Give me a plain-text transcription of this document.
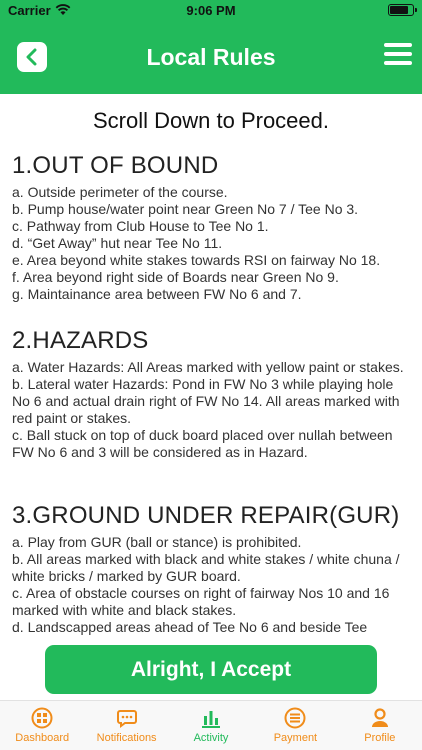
Carrier	9:06 PM
Local Rules
Scroll Down to Proceed.
1.OUT OF BOUND

a. Outside perimeter of the course.

b. Pump house/water point near Green No 7 / Tee No 3.

c. Pathway from Club House to Tee No 1.

d. “Get Away” hut near Tee No 11.

e. Area beyond white stakes towards RSI on fairway No 18.

f. Area beyond right side of Boards near Green No 9.

g. Maintainance area between FW No 6 and 7.

2.HAZARDS

a. Water Hazards: All Areas marked with yellow paint or stakes.

b. Lateral water Hazards: Pond in FW No 3 while playing hole No 6 and actual drain right of FW No 14. All areas marked with red paint or stakes.

c. Ball stuck on top of duck board placed over nullah between FW No 6 and 3 will be considered as in Hazard.

3.GROUND UNDER REPAIR(GUR)

a. Play from GUR (ball or stance) is prohibited.

b. All areas marked with black and white stakes / white chuna / white bricks / marked by GUR board.

c. Area of obstacle courses on right of fairway Nos 10 and 16 marked with white and black stakes.

d. Landscapped areas ahead of Tee No 6 and beside Tee

Alright, I Accept
Dashboard	Notifications	Activity	Payment	Profile
